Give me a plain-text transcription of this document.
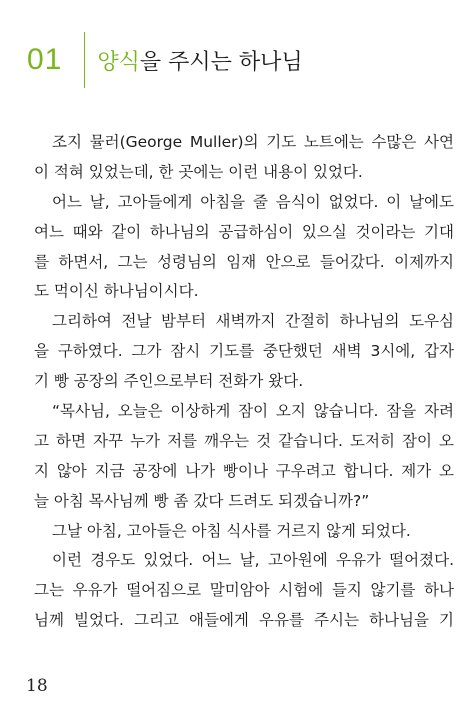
01 양식을 주시는 하나님
조지 뮬러(George Muller)의 기도 노트에는 수많은 사연
이 적혀 있었는데, 한 곳에는 이런 내용이 있었다.
어느 날, 고아들에게 아침을 줄 음식이 없었다. 이 날에도
여느 때와 같이 하나님의 공급하심이 있으실 것이라는 기대
를 하면서, 그는 성령님의 임재 안으로 들어갔다. 이제까지
도 먹이신 하나님이시다.
그리하여 전날 밤부터 새벽까지 간절히 하나님의 도우심
을 구하였다. 그가 잠시 기도를 중단했던 새벽 3시에, 갑자
기 빵 공장의 주인으로부터 전화가 왔다.
“목사님, 오늘은 이상하게 잠이 오지 않습니다. 잠을 자려
고 하면 자꾸 누가 저를 깨우는 것 같습니다. 도저히 잠이 오
지 않아 지금 공장에 나가 빵이나 구우려고 합니다. 제가 오
늘 아침 목사님께 빵 좀 갔다 드려도 되겠습니까?”
그날 아침, 고아들은 아침 식사를 거르지 않게 되었다.
이런 경우도 있었다. 어느 날, 고아원에 우유가 떨어졌다.
그는 우유가 떨어짐으로 말미암아 시험에 들지 않기를 하나
님께 빌었다. 그리고 애들에게 우유를 주시는 하나님을 기
18
